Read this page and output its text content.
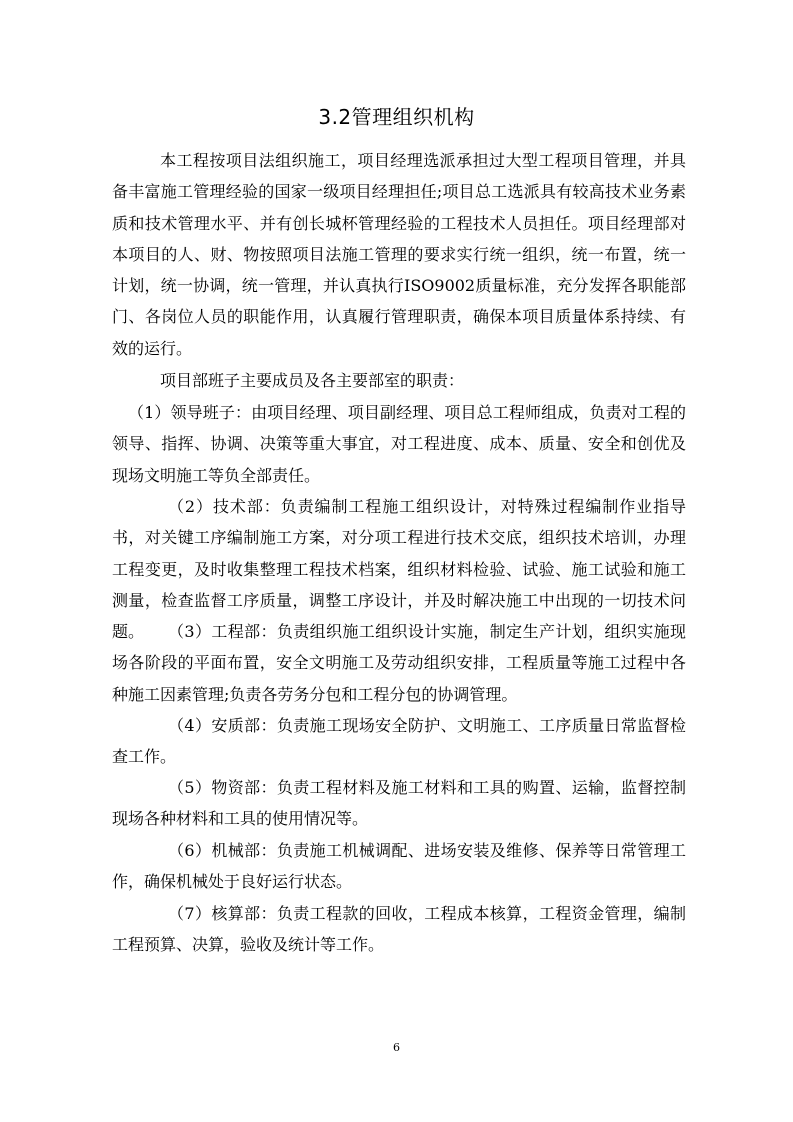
3.2管理组织机构

本工程按项目法组织施工，项目经理选派承担过大型工程项目管理，并具备丰富施工管理经验的国家一级项目经理担任;项目总工选派具有较高技术业务素质和技术管理水平、并有创长城杯管理经验的工程技术人员担任。项目经理部对本项目的人、财、物按照项目法施工管理的要求实行统一组织，统一布置，统一计划，统一协调，统一管理，并认真执行ISO9002质量标准，充分发挥各职能部门、各岗位人员的职能作用，认真履行管理职责，确保本项目质量体系持续、有效的运行。

项目部班子主要成员及各主要部室的职责：

（1）领导班子：由项目经理、项目副经理、项目总工程师组成，负责对工程的领导、指挥、协调、决策等重大事宜，对工程进度、成本、质量、安全和创优及现场文明施工等负全部责任。

（2）技术部：负责编制工程施工组织设计，对特殊过程编制作业指导书，对关键工序编制施工方案，对分项工程进行技术交底，组织技术培训，办理工程变更，及时收集整理工程技术档案，组织材料检验、试验、施工试验和施工测量，检查监督工序质量，调整工序设计，并及时解决施工中出现的一切技术问题。	（3）工程部：负责组织施工组织设计实施，制定生产计划，组织实施现场各阶段的平面布置，安全文明施工及劳动组织安排，工程质量等施工过程中各种施工因素管理;负责各劳务分包和工程分包的协调管理。

（4）安质部：负责施工现场安全防护、文明施工、工序质量日常监督检查工作。

（5）物资部：负责工程材料及施工材料和工具的购置、运输，监督控制现场各种材料和工具的使用情况等。

（6）机械部：负责施工机械调配、进场安装及维修、保养等日常管理工作，确保机械处于良好运行状态。

（7）核算部：负责工程款的回收，工程成本核算，工程资金管理，编制工程预算、决算，验收及统计等工作。

6
